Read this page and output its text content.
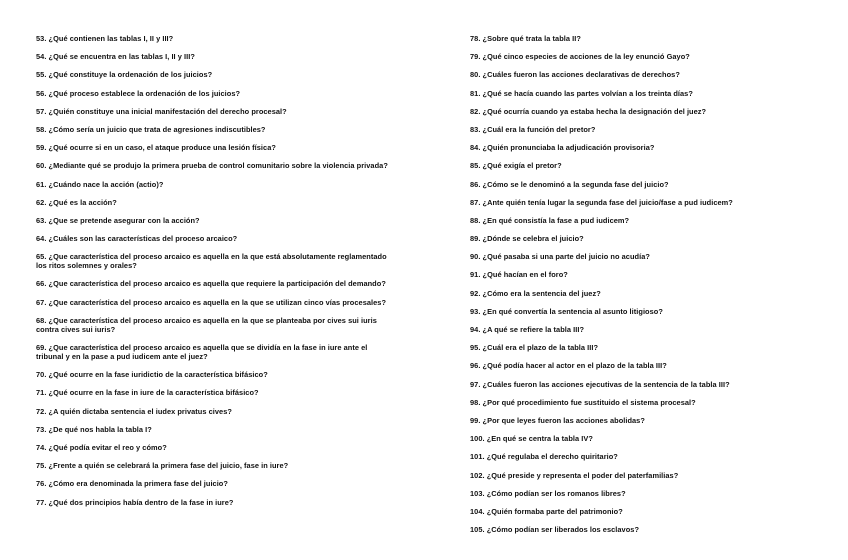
53. ¿Qué contienen las tablas I, II y III?

54. ¿Qué se encuentra en las tablas I, II y III?

55. ¿Qué constituye la ordenación de los juicios?

56. ¿Qué proceso establece la ordenación de los juicios?

57. ¿Quién constituye una inicial manifestación del derecho procesal?

58. ¿Cómo sería un juicio que trata de agresiones indiscutibles?

59. ¿Qué ocurre si en un caso, el ataque produce una lesión física?

60. ¿Mediante qué se produjo la primera prueba de control comunitario sobre la violencia privada?

61. ¿Cuándo nace la acción (actio)?

62. ¿Qué es la acción?

63. ¿Que se pretende asegurar con la acción?

64. ¿Cuáles son las características del proceso arcaico?

65. ¿Que característica del proceso arcaico es aquella en la que está absolutamente reglamentado los ritos solemnes y orales?

66. ¿Que característica del proceso arcaico es aquella que requiere la participación del demando?

67. ¿Que característica del proceso arcaico es aquella en la que se utilizan cinco vías procesales?

68. ¿Que característica del proceso arcaico es aquella en la que se planteaba por cives sui iuris contra cives sui iuris?

69. ¿Que característica del proceso arcaico es aquella que se dividía en la fase in iure ante el tribunal y en la pase a pud iudicem ante el juez?

70. ¿Qué ocurre en la fase iuridictio de la característica bifásico?

71. ¿Qué ocurre en la fase in iure de la característica bifásico?

72. ¿A quién dictaba sentencia el iudex privatus cives?

73. ¿De qué nos habla la tabla I?

74. ¿Qué podía evitar el reo y cómo?

75. ¿Frente a quién se celebrará la primera fase del juicio, fase in iure?

76. ¿Cómo era denominada la primera fase del juicio?

77. ¿Qué dos principios había dentro de la fase in iure?

78. ¿Sobre qué trata la tabla II?

79. ¿Qué cinco especies de acciones de la ley enunció Gayo?

80. ¿Cuáles fueron las acciones declarativas de derechos?

81. ¿Qué se hacía cuando las partes volvían a los treinta días?

82. ¿Qué ocurría cuando ya estaba hecha la designación del juez?

83. ¿Cuál era la función del pretor?

84. ¿Quién pronunciaba la adjudicación provisoria?

85. ¿Qué exigía el pretor?

86. ¿Cómo se le denominó a la segunda fase del juicio?

87. ¿Ante quién tenía lugar la segunda fase del juicio/fase a pud iudicem?

88. ¿En qué consistía la fase a pud iudicem?

89. ¿Dónde se celebra el juicio?

90. ¿Qué pasaba si una parte del juicio no acudía?

91. ¿Qué hacían en el foro?

92. ¿Cómo era la sentencia del juez?

93. ¿En qué convertía la sentencia al asunto litigioso?

94. ¿A qué se refiere la tabla III?

95. ¿Cuál era el plazo de la tabla III?

96. ¿Qué podía hacer al actor en el plazo de la tabla III?

97. ¿Cuáles fueron las acciones ejecutivas de la sentencia de la tabla III?

98. ¿Por qué procedimiento fue sustituido el sistema procesal?

99. ¿Por que leyes fueron las acciones abolidas?

100. ¿En qué se centra la tabla IV?

101. ¿Qué regulaba el derecho quiritario?

102. ¿Qué preside y representa el poder del paterfamilias?

103. ¿Cómo podían ser los romanos libres?

104. ¿Quién formaba parte del patrimonio?

105. ¿Cómo podían ser liberados los esclavos?
